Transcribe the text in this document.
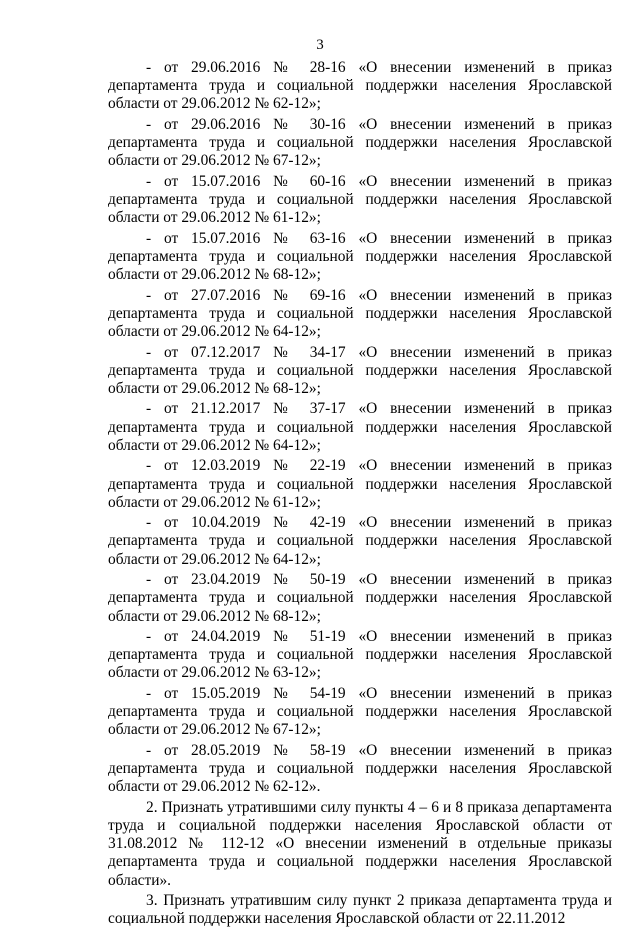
3

- от 29.06.2016 № 28-16 «О внесении изменений в приказ департамента труда и социальной поддержки населения Ярославской области от 29.06.2012 № 62-12»;

- от 29.06.2016 № 30-16 «О внесении изменений в приказ департамента труда и социальной поддержки населения Ярославской области от 29.06.2012 № 67-12»;

- от 15.07.2016 № 60-16 «О внесении изменений в приказ департамента труда и социальной поддержки населения Ярославской области от 29.06.2012 № 61-12»;

- от 15.07.2016 № 63-16 «О внесении изменений в приказ департамента труда и социальной поддержки населения Ярославской области от 29.06.2012 № 68-12»;

- от 27.07.2016 № 69-16 «О внесении изменений в приказ департамента труда и социальной поддержки населения Ярославской области от 29.06.2012 № 64-12»;

- от 07.12.2017 № 34-17 «О внесении изменений в приказ департамента труда и социальной поддержки населения Ярославской области от 29.06.2012 № 68-12»;

- от 21.12.2017 № 37-17 «О внесении изменений в приказ департамента труда и социальной поддержки населения Ярославской области от 29.06.2012 № 64-12»;

- от 12.03.2019 № 22-19 «О внесении изменений в приказ департамента труда и социальной поддержки населения Ярославской области от 29.06.2012 № 61-12»;

- от 10.04.2019 № 42-19 «О внесении изменений в приказ департамента труда и социальной поддержки населения Ярославской области от 29.06.2012 № 64-12»;

- от 23.04.2019 № 50-19 «О внесении изменений в приказ департамента труда и социальной поддержки населения Ярославской области от 29.06.2012 № 68-12»;

- от 24.04.2019 № 51-19 «О внесении изменений в приказ департамента труда и социальной поддержки населения Ярославской области от 29.06.2012 № 63-12»;

- от 15.05.2019 № 54-19 «О внесении изменений в приказ департамента труда и социальной поддержки населения Ярославской области от 29.06.2012 № 67-12»;

- от 28.05.2019 № 58-19 «О внесении изменений в приказ департамента труда и социальной поддержки населения Ярославской области от 29.06.2012 № 62-12».

2. Признать утратившими силу пункты 4 – 6 и 8 приказа департамента труда и социальной поддержки населения Ярославской области от 31.08.2012 № 112-12 «О внесении изменений в отдельные приказы департамента труда и социальной поддержки населения Ярославской области».

3. Признать утратившим силу пункт 2 приказа департамента труда и социальной поддержки населения Ярославской области от 22.11.2012
